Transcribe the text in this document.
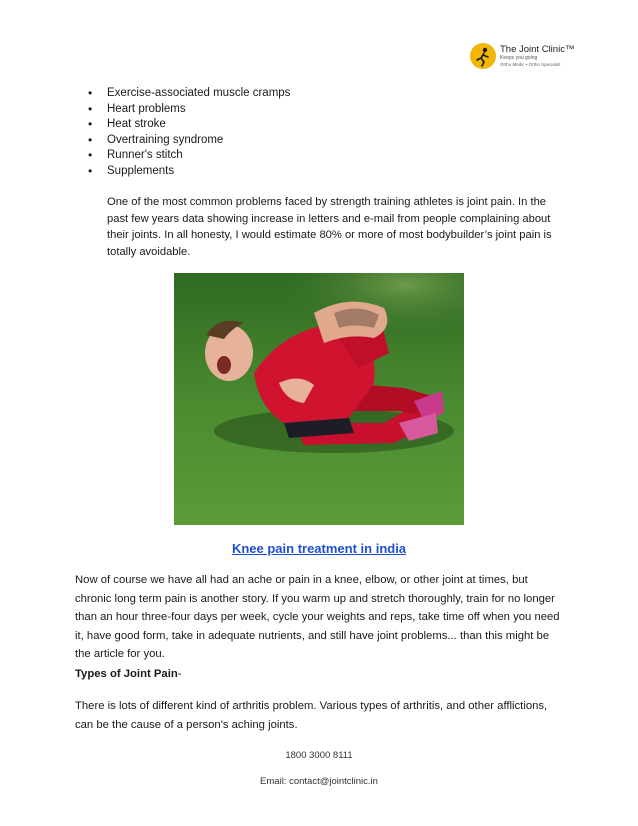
The Joint Clinic™
Keeps you going
Ortho Medic • Ortho Specialist
• Exercise-associated muscle cramps
• Heart problems
• Heat stroke
• Overtraining syndrome
• Runner's stitch
• Supplements

One of the most common problems faced by strength training athletes is joint pain. In the past few years data showing increase in letters and e-mail from people complaining about their joints. In all honesty, I would estimate 80% or more of most bodybuilder’s joint pain is totally avoidable.

Knee pain treatment in india

Now of course we have all had an ache or pain in a knee, elbow, or other joint at times, but chronic long term pain is another story. If you warm up and stretch thoroughly, train for no longer than an hour three-four days per week, cycle your weights and reps, take time off when you need it, have good form, take in adequate nutrients, and still have joint problems... than this might be the article for you.

Types of Joint Pain-

There is lots of different kind of arthritis problem. Various types of arthritis, and other afflictions, can be the cause of a person's aching joints.

1800 3000 8111
Email: contact@jointclinic.in
